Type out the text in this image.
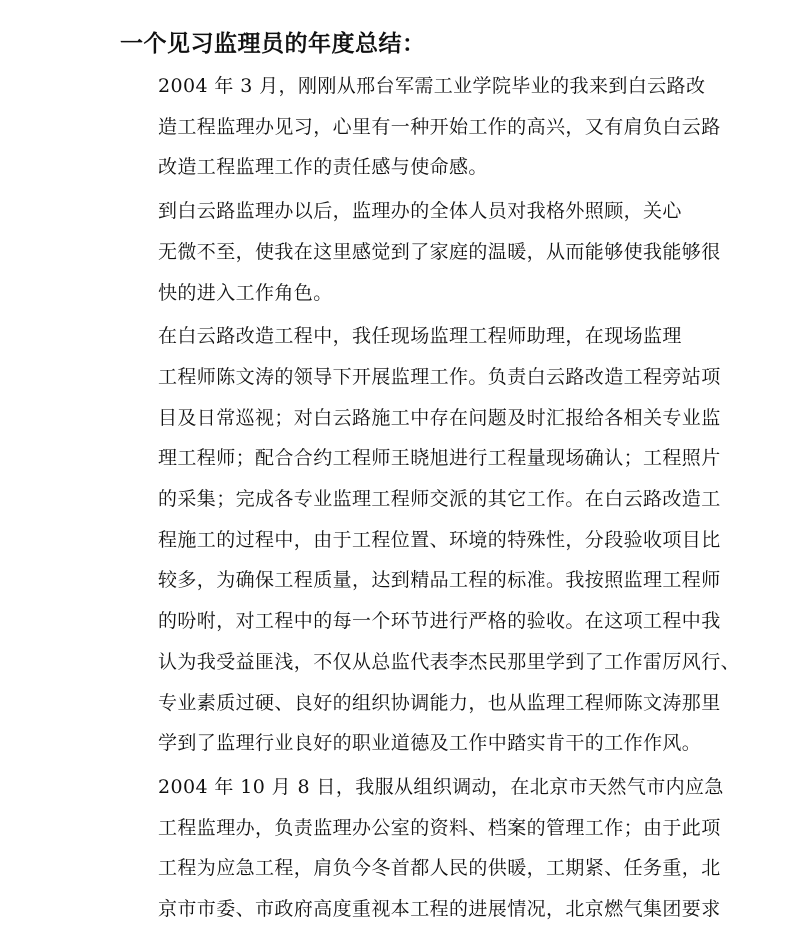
一个见习监理员的年度总结：

2004 年 3 月，刚刚从邢台军需工业学院毕业的我来到白云路改
造工程监理办见习，心里有一种开始工作的高兴，又有肩负白云路
改造工程监理工作的责任感与使命感。

到白云路监理办以后，监理办的全体人员对我格外照顾，关心
无微不至，使我在这里感觉到了家庭的温暖，从而能够使我能够很
快的进入工作角色。

在白云路改造工程中，我任现场监理工程师助理，在现场监理
工程师陈文涛的领导下开展监理工作。负责白云路改造工程旁站项
目及日常巡视；对白云路施工中存在问题及时汇报给各相关专业监
理工程师；配合合约工程师王晓旭进行工程量现场确认；工程照片
的采集；完成各专业监理工程师交派的其它工作。在白云路改造工
程施工的过程中，由于工程位置、环境的特殊性，分段验收项目比
较多，为确保工程质量，达到精品工程的标准。我按照监理工程师
的吩咐，对工程中的每一个环节进行严格的验收。在这项工程中我
认为我受益匪浅，不仅从总监代表李杰民那里学到了工作雷厉风行、
专业素质过硬、良好的组织协调能力，也从监理工程师陈文涛那里
学到了监理行业良好的职业道德及工作中踏实肯干的工作作风。

2004 年 10 月 8 日，我服从组织调动，在北京市天然气市内应急
工程监理办，负责监理办公室的资料、档案的管理工作；由于此项
工程为应急工程，肩负今冬首都人民的供暖，工期紧、任务重，北
京市市委、市政府高度重视本工程的进展情况，北京燃气集团要求
